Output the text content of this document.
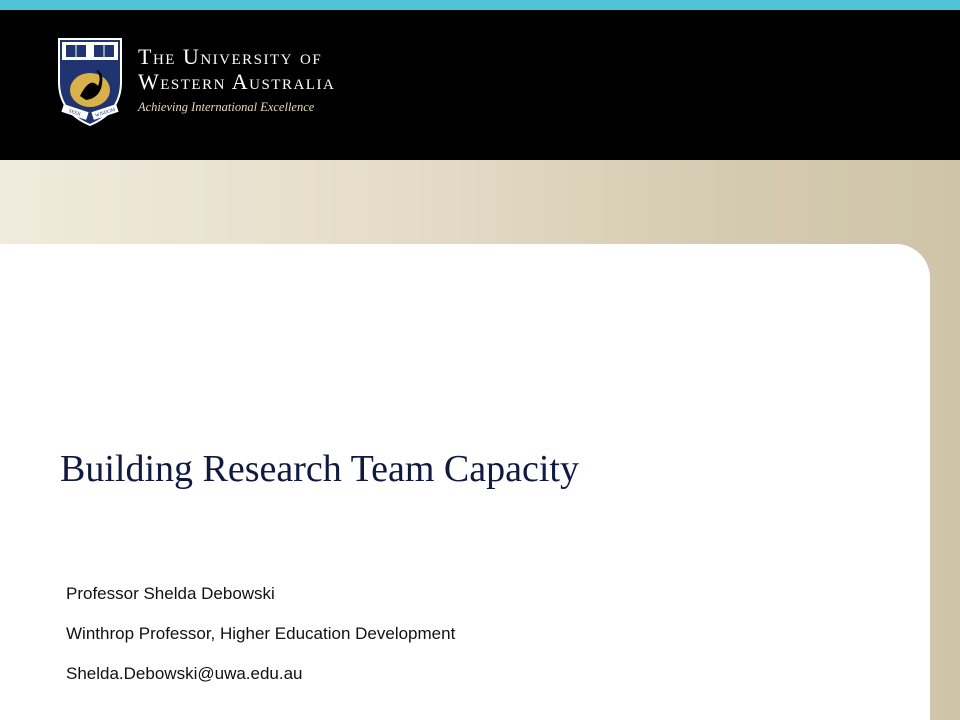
SEEK	WISDOM
The University of
Western Australia
Achieving International Excellence
Building Research Team Capacity
Professor Shelda Debowski
Winthrop Professor, Higher Education Development
Shelda.Debowski@uwa.edu.au
